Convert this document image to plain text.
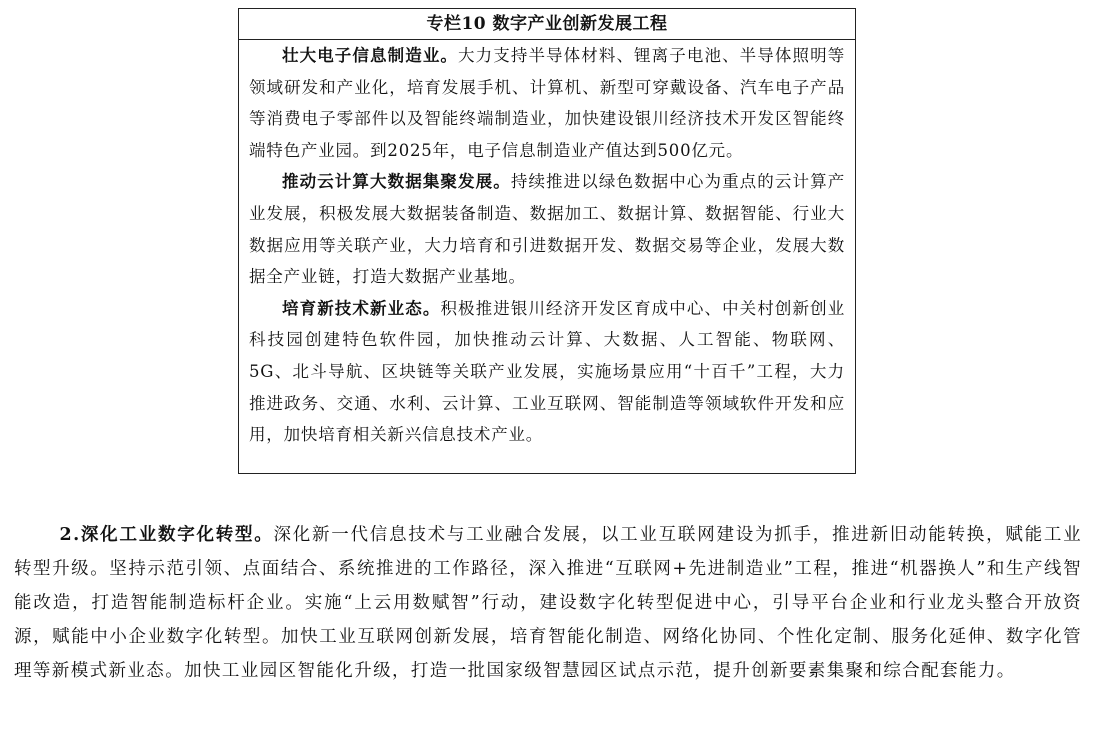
专栏10 数字产业创新发展工程

壮大电子信息制造业。大力支持半导体材料、锂离子电池、半导体照明等领域研发和产业化，培育发展手机、计算机、新型可穿戴设备、汽车电子产品等消费电子零部件以及智能终端制造业，加快建设银川经济技术开发区智能终端特色产业园。到2025年，电子信息制造业产值达到500亿元。

推动云计算大数据集聚发展。持续推进以绿色数据中心为重点的云计算产业发展，积极发展大数据装备制造、数据加工、数据计算、数据智能、行业大数据应用等关联产业，大力培育和引进数据开发、数据交易等企业，发展大数据全产业链，打造大数据产业基地。

培育新技术新业态。积极推进银川经济开发区育成中心、中关村创新创业科技园创建特色软件园，加快推动云计算、大数据、人工智能、物联网、5G、北斗导航、区块链等关联产业发展，实施场景应用“十百千”工程，大力推进政务、交通、水利、云计算、工业互联网、智能制造等领域软件开发和应用，加快培育相关新兴信息技术产业。

2.深化工业数字化转型。深化新一代信息技术与工业融合发展，以工业互联网建设为抓手，推进新旧动能转换，赋能工业转型升级。坚持示范引领、点面结合、系统推进的工作路径，深入推进“互联网+先进制造业”工程，推进“机器换人”和生产线智能改造，打造智能制造标杆企业。实施“上云用数赋智”行动，建设数字化转型促进中心，引导平台企业和行业龙头整合开放资源，赋能中小企业数字化转型。加快工业互联网创新发展，培育智能化制造、网络化协同、个性化定制、服务化延伸、数字化管理等新模式新业态。加快工业园区智能化升级，打造一批国家级智慧园区试点示范，提升创新要素集聚和综合配套能力。
